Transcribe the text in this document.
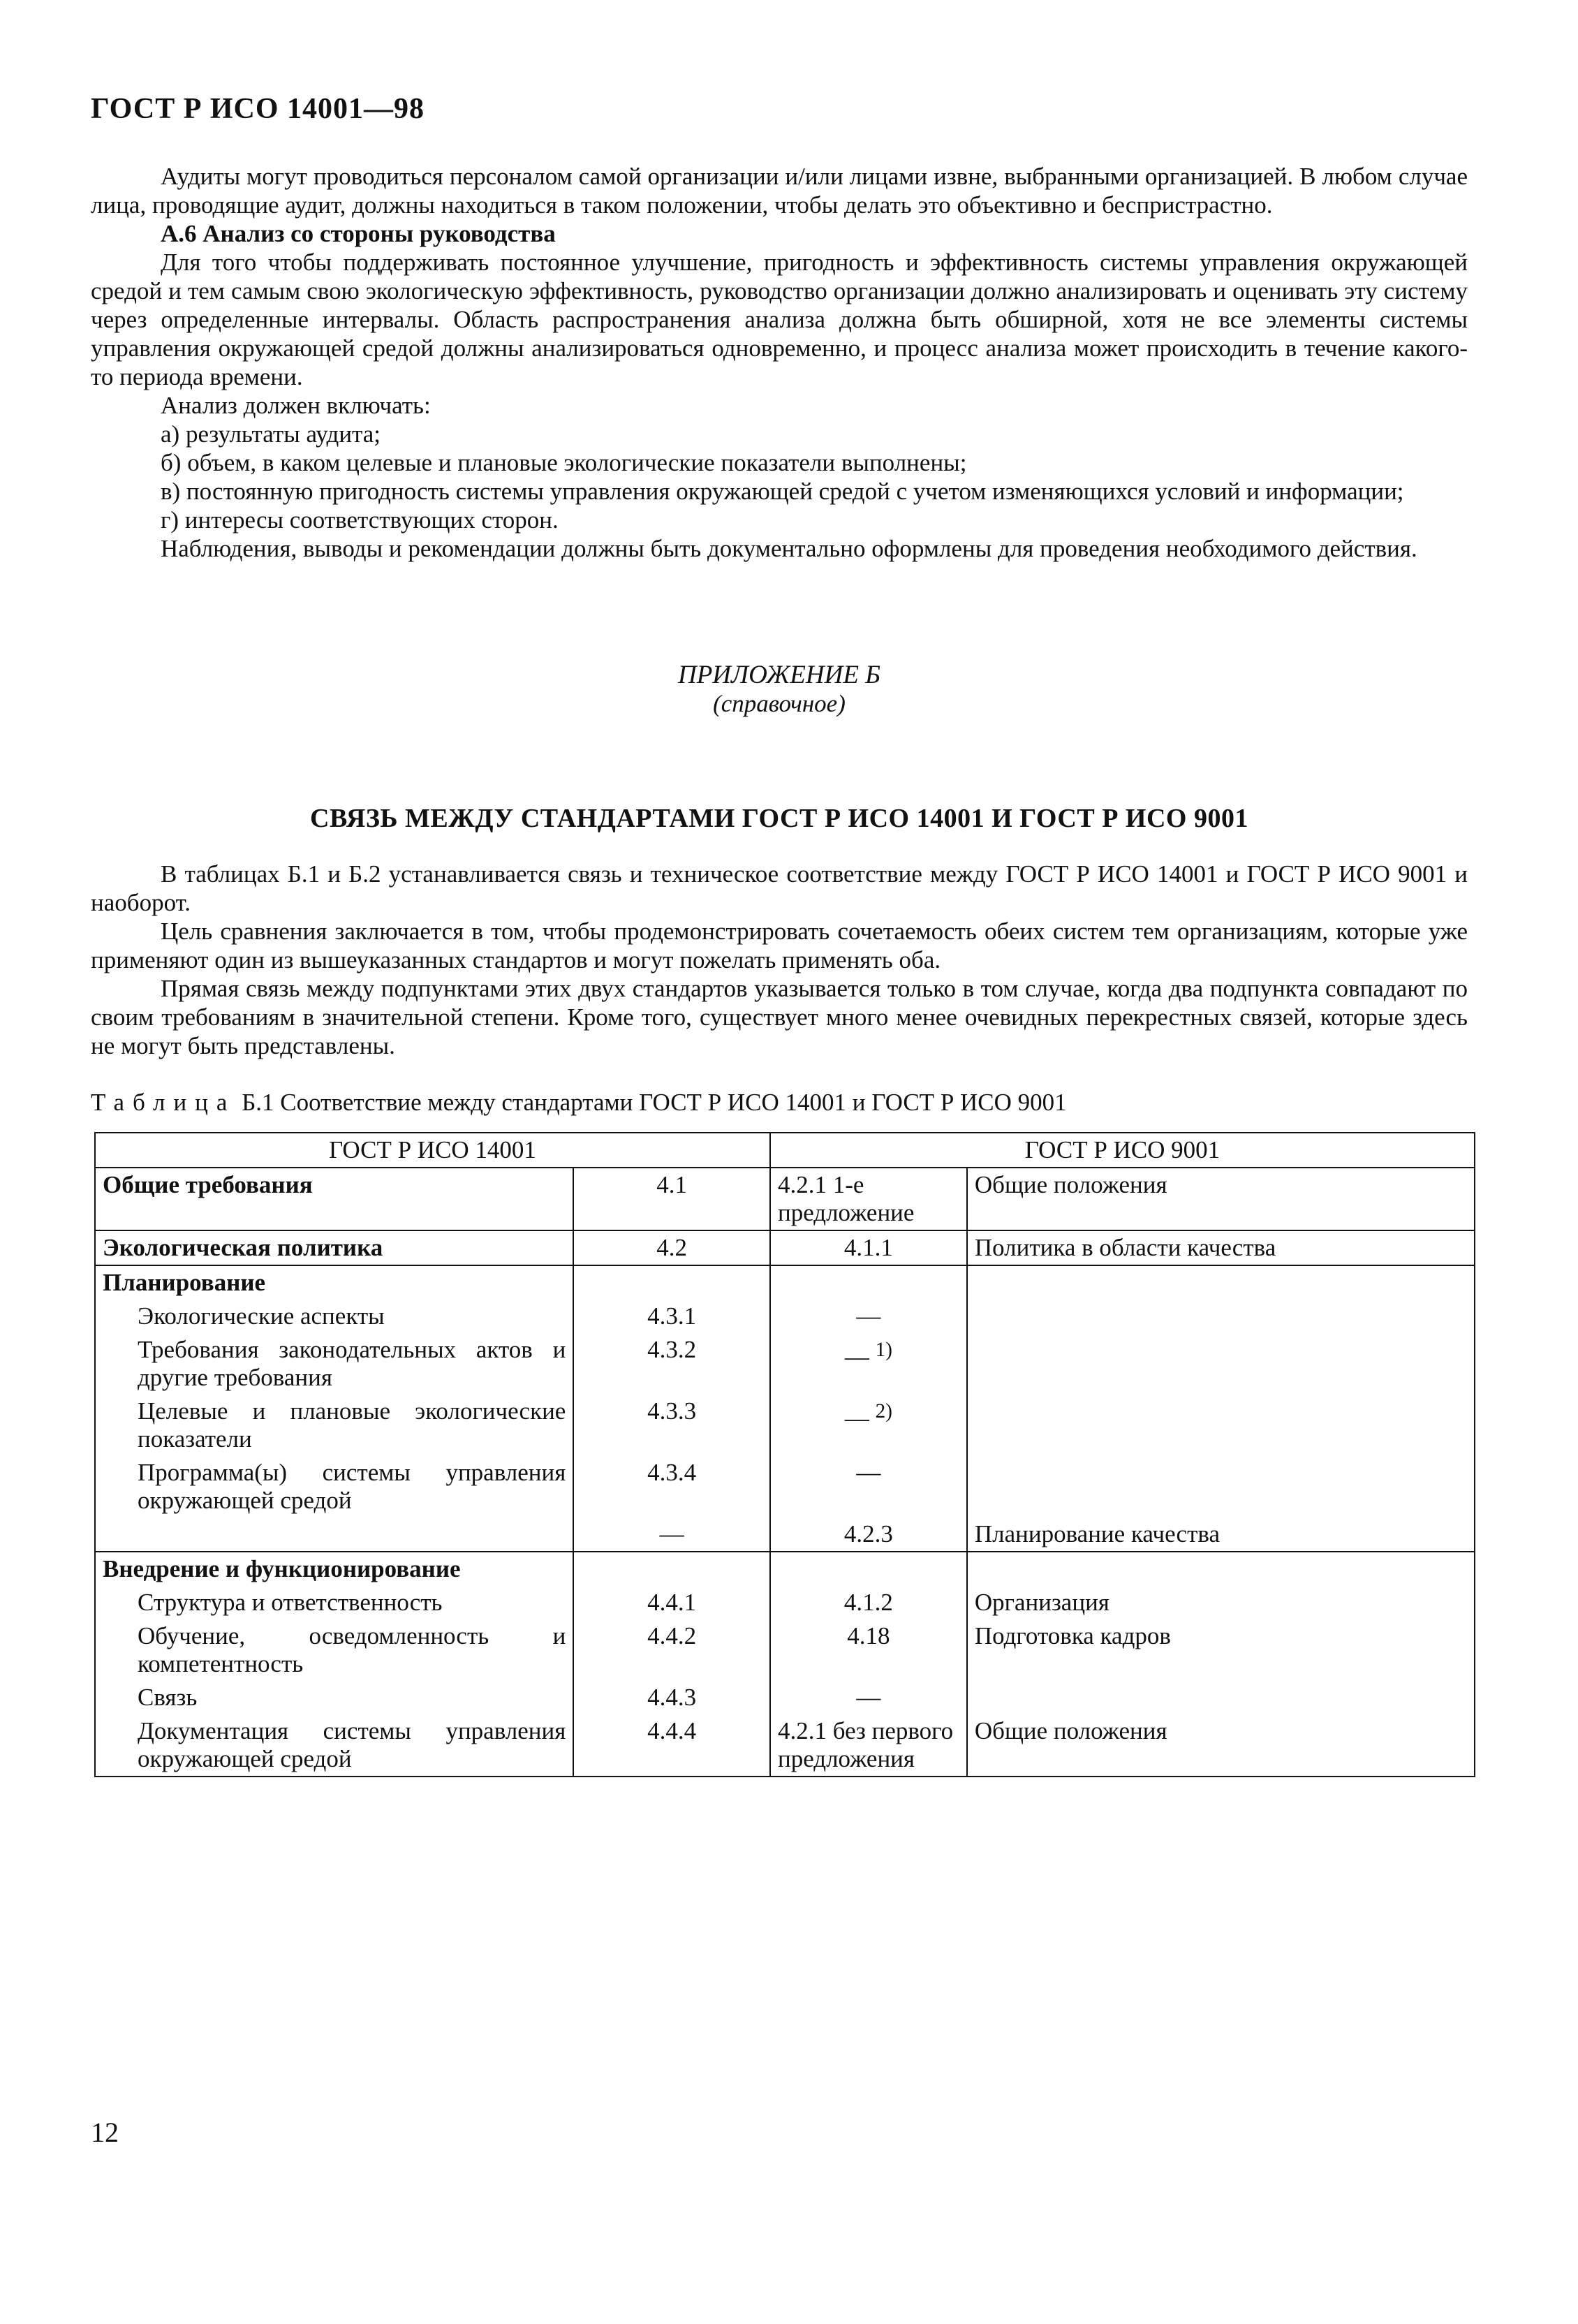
ГОСТ Р ИСО 14001—98

Аудиты могут проводиться персоналом самой организации и/или лицами извне, выбранными организацией. В любом случае лица, проводящие аудит, должны находиться в таком положении, чтобы делать это объективно и беспристрастно.

А.6 Анализ со стороны руководства

Для того чтобы поддерживать постоянное улучшение, пригодность и эффективность системы управления окружающей средой и тем самым свою экологическую эффективность, руководство организации должно анализировать и оценивать эту систему через определенные интервалы. Область распространения анализа должна быть обширной, хотя не все элементы системы управления окружающей средой должны анализироваться одновременно, и процесс анализа может происходить в течение какого-то периода времени.

Анализ должен включать:

а) результаты аудита;

б) объем, в каком целевые и плановые экологические показатели выполнены;

в) постоянную пригодность системы управления окружающей средой с учетом изменяющихся условий и информации;

г) интересы соответствующих сторон.

Наблюдения, выводы и рекомендации должны быть документально оформлены для проведения необходимого действия.

ПРИЛОЖЕНИЕ Б

(справочное)

СВЯЗЬ МЕЖДУ СТАНДАРТАМИ ГОСТ Р ИСО 14001 И ГОСТ Р ИСО 9001

В таблицах Б.1 и Б.2 устанавливается связь и техническое соответствие между ГОСТ Р ИСО 14001 и ГОСТ Р ИСО 9001 и наоборот.

Цель сравнения заключается в том, чтобы продемонстрировать сочетаемость обеих систем тем организациям, которые уже применяют один из вышеуказанных стандартов и могут пожелать применять оба.

Прямая связь между подпунктами этих двух стандартов указывается только в том случае, когда два подпункта совпадают по своим требованиям в значительной степени. Кроме того, существует много менее очевидных перекрестных связей, которые здесь не могут быть представлены.

Таблица Б.1 Соответствие между стандартами ГОСТ Р ИСО 14001 и ГОСТ Р ИСО 9001

ГОСТ Р ИСО 14001		ГОСТ Р ИСО 9001	
Общие требования	4.1	4.2.1 1-е предложение	Общие положения
Экологическая политика	4.2	4.1.1	Политика в области качества
Планирование			
Экологические аспекты	4.3.1	—	
Требования законодательных актов и другие требования	4.3.2	— $^{1)}$	
Целевые и плановые экологические показатели	4.3.3	— $^{2)}$	
Программа(ы) системы управления окружающей средой	4.3.4	—	
	—	4.2.3	Планирование качества
Внедрение и функционирование			
Структура и ответственность	4.4.1	4.1.2	Организация
Обучение, осведомленность и компетентность	4.4.2	4.18	Подготовка кадров
Связь	4.4.3	—	
Документация системы управления окружающей средой	4.4.4	4.2.1 без первого предложения	Общие положения
12
